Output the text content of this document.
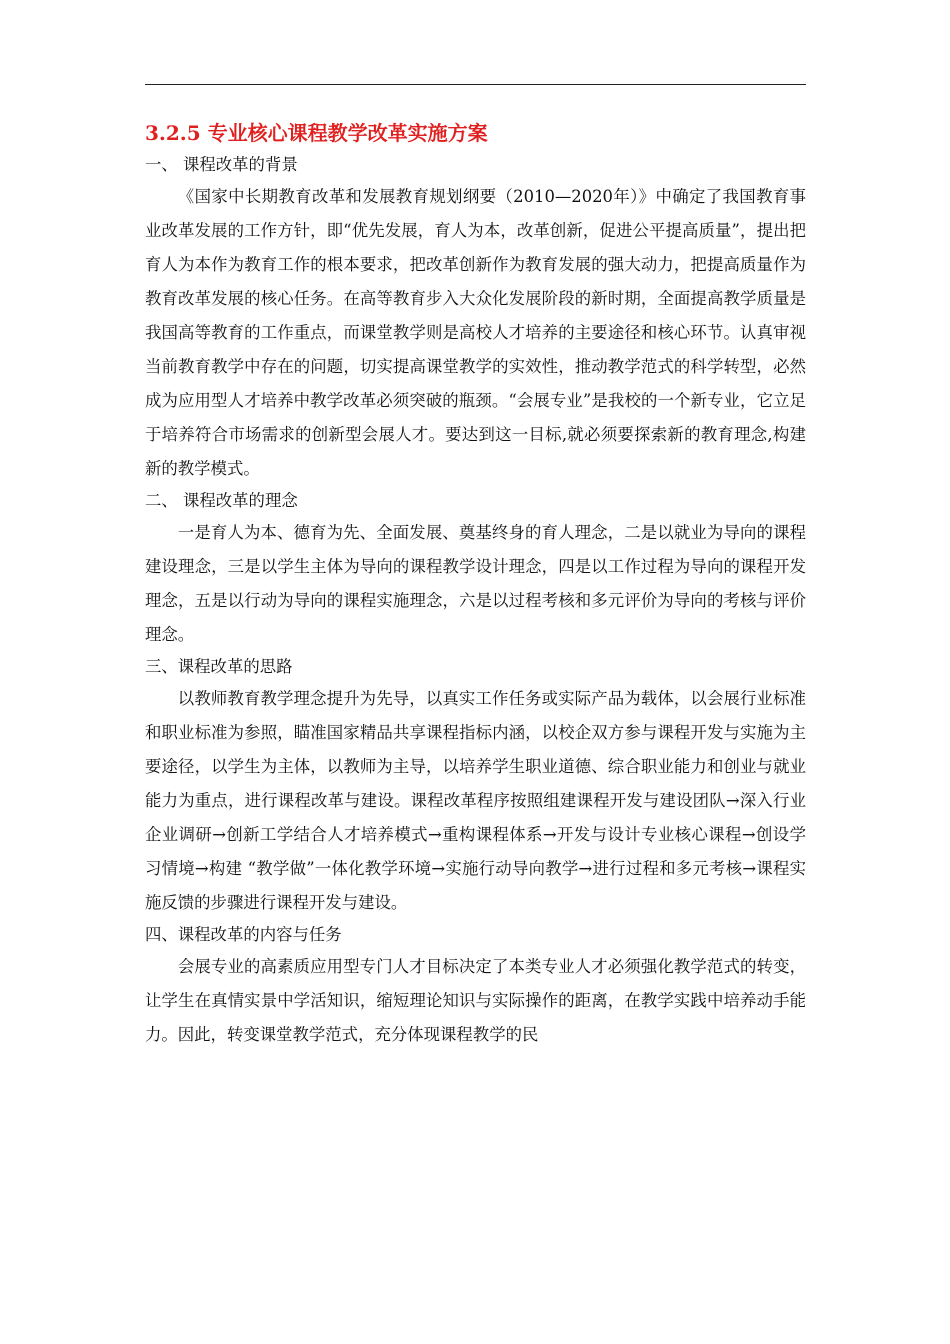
3.2.5 专业核心课程教学改革实施方案
一、 课程改革的背景

《国家中长期教育改革和发展教育规划纲要（2010—2020年）》中确定了我国教育事业改革发展的工作方针，即“优先发展，育人为本，改革创新，促进公平提高质量”，提出把育人为本作为教育工作的根本要求，把改革创新作为教育发展的强大动力，把提高质量作为教育改革发展的核心任务。在高等教育步入大众化发展阶段的新时期，全面提高教学质量是我国高等教育的工作重点，而课堂教学则是高校人才培养的主要途径和核心环节。认真审视当前教育教学中存在的问题，切实提高课堂教学的实效性，推动教学范式的科学转型，必然成为应用型人才培养中教学改革必须突破的瓶颈。“会展专业”是我校的一个新专业，它立足于培养符合市场需求的创新型会展人才。要达到这一目标,就必须要探索新的教育理念,构建新的教学模式。

二、 课程改革的理念

一是育人为本、德育为先、全面发展、奠基终身的育人理念，二是以就业为导向的课程建设理念，三是以学生主体为导向的课程教学设计理念，四是以工作过程为导向的课程开发理念，五是以行动为导向的课程实施理念，六是以过程考核和多元评价为导向的考核与评价理念。

三、课程改革的思路

以教师教育教学理念提升为先导，以真实工作任务或实际产品为载体，以会展行业标准和职业标准为参照，瞄准国家精品共享课程指标内涵，以校企双方参与课程开发与实施为主要途径，以学生为主体，以教师为主导，以培养学生职业道德、综合职业能力和创业与就业能力为重点，进行课程改革与建设。课程改革程序按照组建课程开发与建设团队→深入行业企业调研→创新工学结合人才培养模式→重构课程体系→开发与设计专业核心课程→创设学习情境→构建 “教学做”一体化教学环境→实施行动导向教学→进行过程和多元考核→课程实施反馈的步骤进行课程开发与建设。

四、课程改革的内容与任务

会展专业的高素质应用型专门人才目标决定了本类专业人才必须强化教学范式的转变，让学生在真情实景中学活知识，缩短理论知识与实际操作的距离，在教学实践中培养动手能力。因此，转变课堂教学范式，充分体现课程教学的民
